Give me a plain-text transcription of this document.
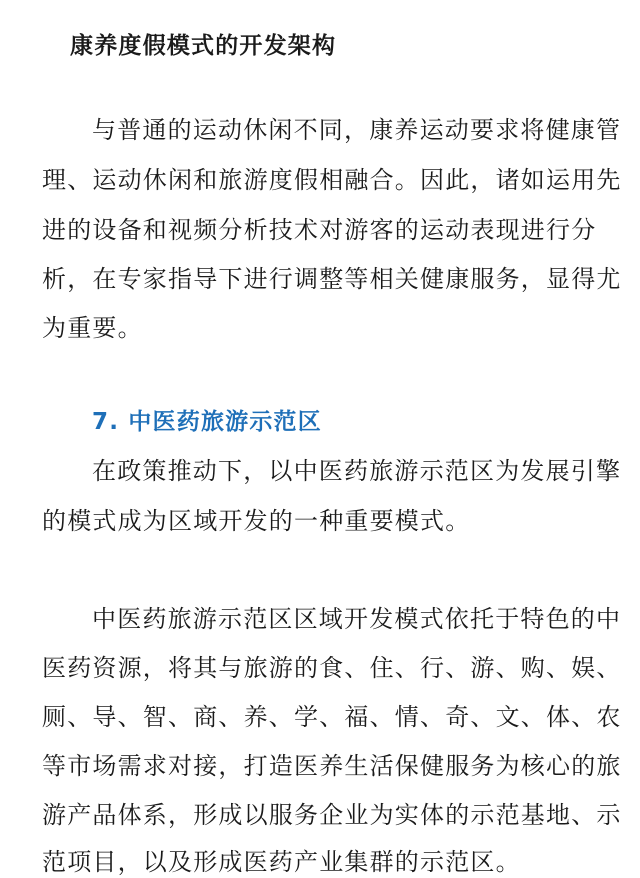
康养度假模式的开发架构
与普通的运动休闲不同，康养运动要求将健康管
理、运动休闲和旅游度假相融合。因此，诸如运用先
进的设备和视频分析技术对游客的运动表现进行分
析，在专家指导下进行调整等相关健康服务，显得尤
为重要。
7. 中医药旅游示范区
在政策推动下，以中医药旅游示范区为发展引擎
的模式成为区域开发的一种重要模式。
中医药旅游示范区区域开发模式依托于特色的中
医药资源，将其与旅游的食、住、行、游、购、娱、
厕、导、智、商、养、学、福、情、奇、文、体、农
等市场需求对接，打造医养生活保健服务为核心的旅
游产品体系，形成以服务企业为实体的示范基地、示
范项目，以及形成医药产业集群的示范区。
